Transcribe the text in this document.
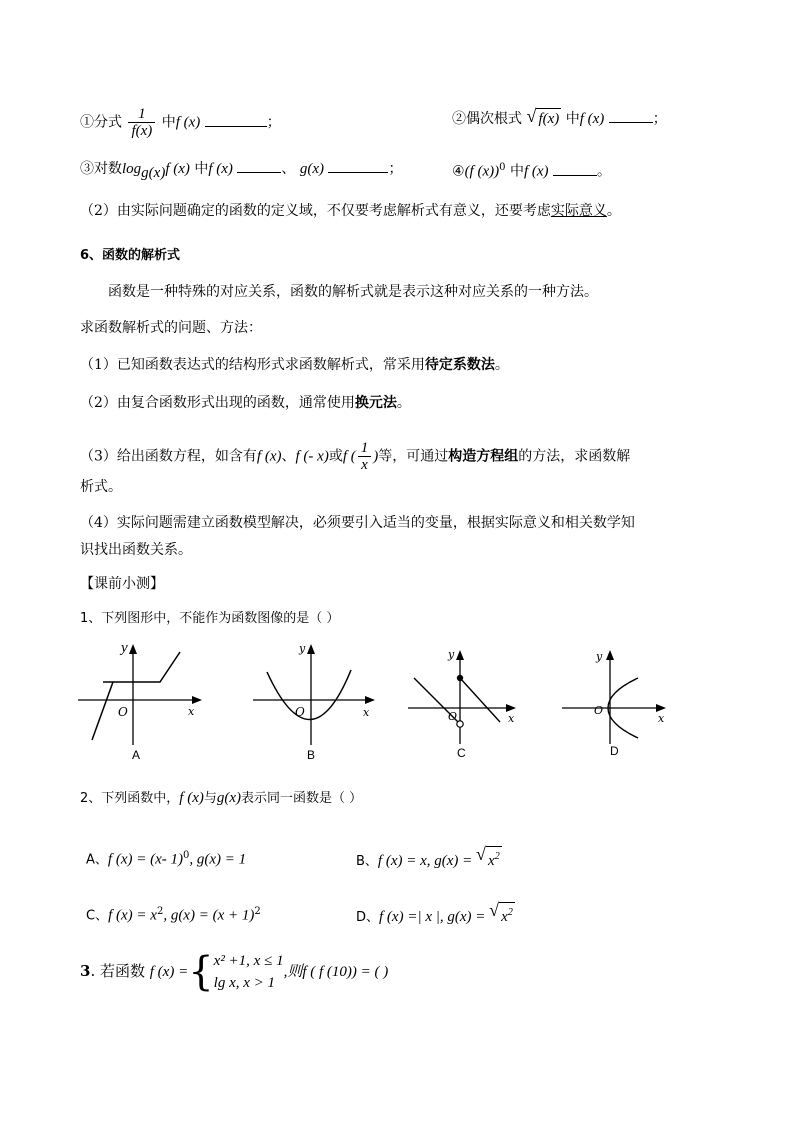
①分式 $\frac{1}{f(x)}$ 中f (x)	；	②偶次根式 √ f(x) 中f (x)	；
③对数$\log_{g(x)}f$ (x) 中f (x)	、 g(x)	；	④(f (x))$^0$ 中f (x)	。
（2）由实际问题确定的函数的定义域，不仅要考虑解析式有意义，还要考虑实际意义。
6、函数的解析式
函数是一种特殊的对应关系，函数的解析式就是表示这种对应关系的一种方法。
求函数解析式的问题、方法：
（1）已知函数表达式的结构形式求函数解析式，常采用待定系数法。
（2）由复合函数形式出现的函数，通常使用换元法。
（3）给出函数方程，如含有f (x)、f (- x)或f ( $\frac{1}{x}$ )等，可通过构造方程组的方法，求函数解
析式。
（4）实际问题需建立函数模型解决，必须要引入适当的变量，根据实际意义和相关数学知
识找出函数关系。
【课前小测】
1、下列图形中，不能作为函数图像的是（ ）
y
x
O
A
y
x
O
B
y
x
O
C
y
x
O
D
2、下列函数中，f (x)与g(x)表示同一函数是（ ）
A、f (x) = (x- 1)$^0$, g(x) = 1	B、f (x) = x, g(x) = √ $x^2$
C、f $(x) = x^2$, $g(x) = (x + 1)^2$	D、f (x) =| x |, g(x) = √ $x^2$
3. 若函数 f (x) ={ x² +1, x ≤ 1
lg x, x > 1
,则f ( f (10)) = ( )
